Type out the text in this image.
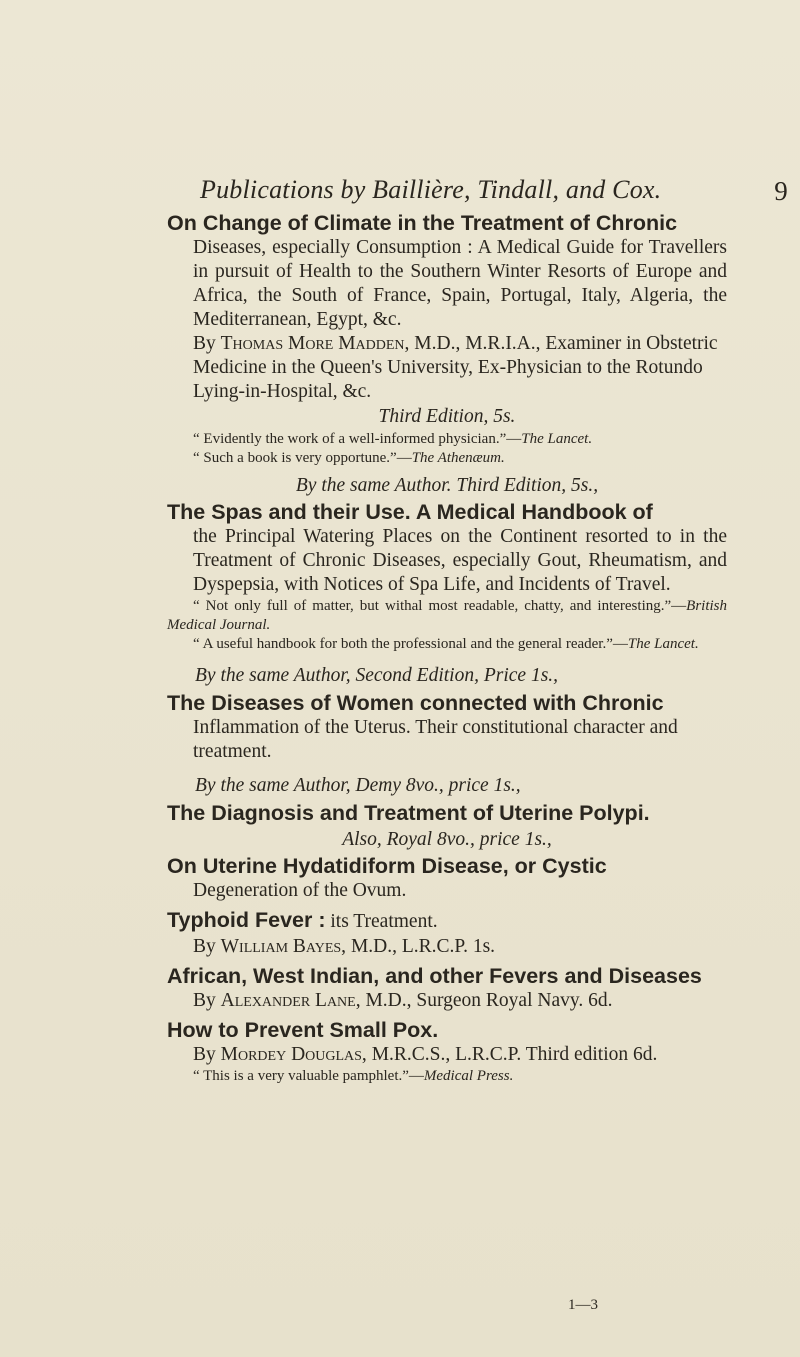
Publications by Baillière, Tindall, and Cox.	9

On Change of Climate in the Treatment of Chronic

Diseases, especially Consumption : A Medical Guide for Travellers in pursuit of Health to the Southern Winter Resorts of Europe and Africa, the South of France, Spain, Portugal, Italy, Algeria, the Mediterranean, Egypt, &c.

By Thomas More Madden, M.D., M.R.I.A., Examiner in Obstetric Medicine in the Queen's University, Ex-Physician to the Rotundo Lying-in-Hospital, &c.

Third Edition, 5s.

“ Evidently the work of a well-informed physician.”—The Lancet.

“ Such a book is very opportune.”—The Athenæum.

By the same Author. Third Edition, 5s.,

The Spas and their Use. A Medical Handbook of

the Principal Watering Places on the Continent resorted to in the Treatment of Chronic Diseases, especially Gout, Rheumatism, and Dyspepsia, with Notices of Spa Life, and Incidents of Travel.

“ Not only full of matter, but withal most readable, chatty, and interesting.”—British Medical Journal.

“ A useful handbook for both the professional and the general reader.”—The Lancet.

By the same Author, Second Edition, Price 1s.,

The Diseases of Women connected with Chronic

Inflammation of the Uterus. Their constitutional character and treatment.

By the same Author, Demy 8vo., price 1s.,

The Diagnosis and Treatment of Uterine Polypi.

Also, Royal 8vo., price 1s.,

On Uterine Hydatidiform Disease, or Cystic

Degeneration of the Ovum.

Typhoid Fever : its Treatment.

By William Bayes, M.D., L.R.C.P. 1s.

African, West Indian, and other Fevers and Diseases

By Alexander Lane, M.D., Surgeon Royal Navy. 6d.

How to Prevent Small Pox.

By Mordey Douglas, M.R.C.S., L.R.C.P. Third edition 6d.

“ This is a very valuable pamphlet.”—Medical Press.

1—3
